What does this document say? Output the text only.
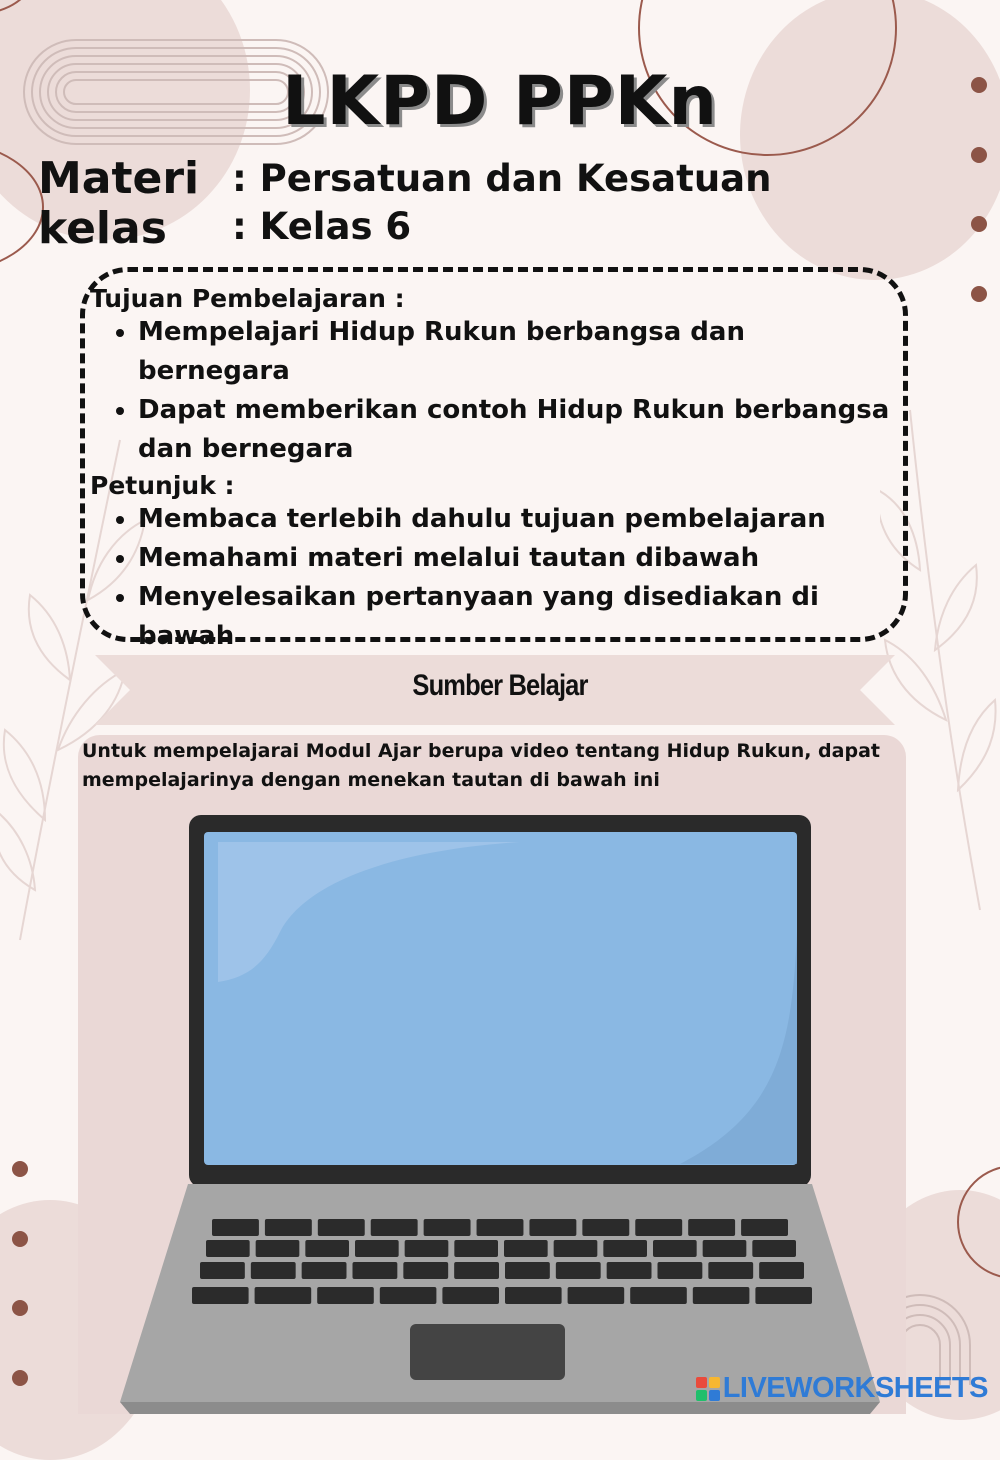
LKPD PPKn
Materi
kelas
: Persatuan dan Kesatuan
: Kelas 6
Tujuan Pembelajaran :
• Mempelajari Hidup Rukun berbangsa dan bernegara
• Dapat memberikan contoh Hidup Rukun berbangsa dan bernegara
Petunjuk :
• Membaca terlebih dahulu tujuan pembelajaran
• Memahami materi melalui tautan dibawah
• Menyelesaikan pertanyaan yang disediakan di bawah
Sumber Belajar
Untuk mempelajarai Modul Ajar berupa video tentang Hidup Rukun, dapat mempelajarinya dengan menekan tautan di bawah ini
LIVEWORKSHEETS
